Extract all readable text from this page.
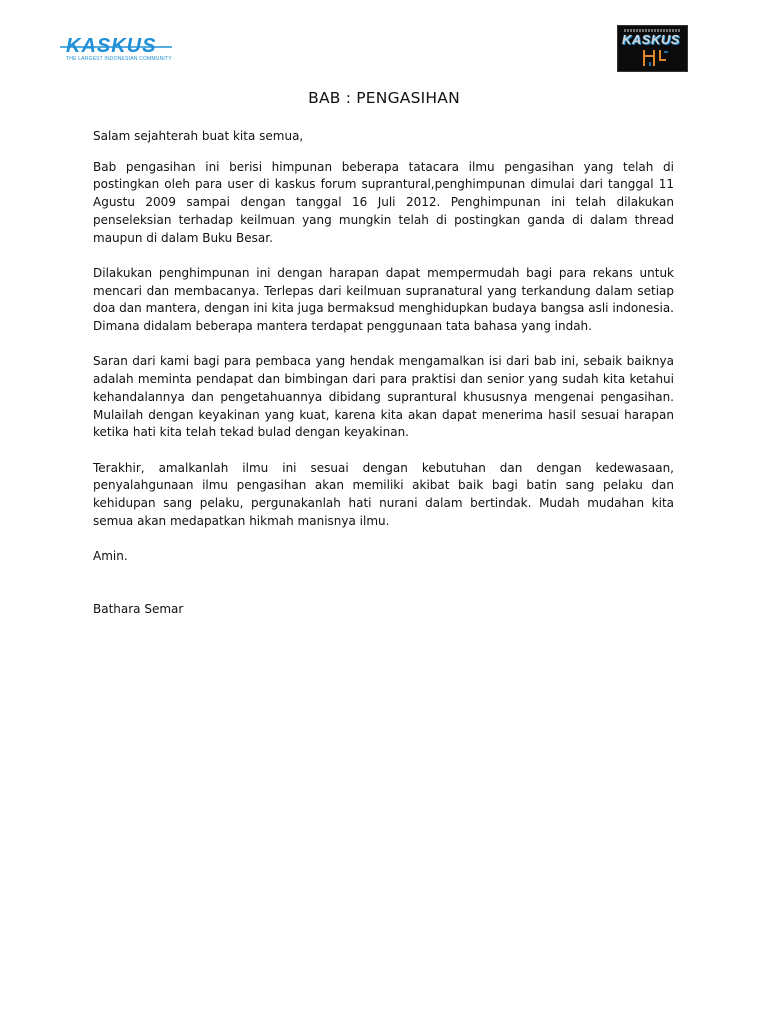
KASKUS
THE LARGEST INDONESIAN COMMUNITY
KASKUS
BAB : PENGASIHAN

Salam sejahterah buat kita semua,

Bab pengasihan ini berisi himpunan beberapa tatacara ilmu pengasihan yang telah di postingkan oleh para user di kaskus forum suprantural,penghimpunan dimulai dari tanggal 11 Agustu 2009 sampai dengan tanggal 16 Juli 2012. Penghimpunan ini telah dilakukan penseleksian terhadap keilmuan yang mungkin telah di postingkan ganda di dalam thread maupun di dalam Buku Besar.

Dilakukan penghimpunan ini dengan harapan dapat mempermudah bagi para rekans untuk mencari dan membacanya. Terlepas dari keilmuan supranatural yang terkandung dalam setiap doa dan mantera, dengan ini kita juga bermaksud menghidupkan budaya bangsa asli indonesia. Dimana didalam beberapa mantera terdapat penggunaan tata bahasa yang indah.

Saran dari kami bagi para pembaca yang hendak mengamalkan isi dari bab ini, sebaik baiknya adalah meminta pendapat dan bimbingan dari para praktisi dan senior yang sudah kita ketahui kehandalannya dan pengetahuannya dibidang suprantural khususnya mengenai pengasihan. Mulailah dengan keyakinan yang kuat, karena kita akan dapat menerima hasil sesuai harapan ketika hati kita telah tekad bulad dengan keyakinan.

Terakhir, amalkanlah ilmu ini sesuai dengan kebutuhan dan dengan kedewasaan, penyalahgunaan ilmu pengasihan akan memiliki akibat baik bagi batin sang pelaku dan kehidupan sang pelaku, pergunakanlah hati nurani dalam bertindak. Mudah mudahan kita semua akan medapatkan hikmah manisnya ilmu.

Amin.

Bathara Semar
